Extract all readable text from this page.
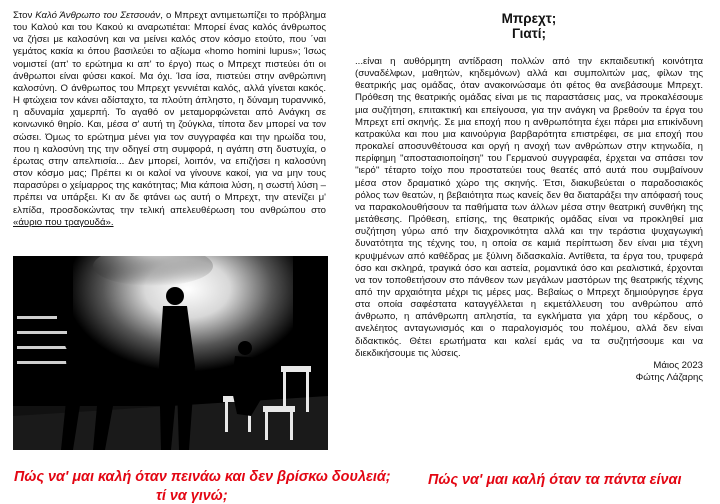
Στον Καλό Άνθρωπο του Σετσουάν, ο Μπρεχτ αντιμετωπίζει το πρόβλημα του Καλού και του Κακού κι αναρωτιέται: Μπορεί ένας καλός άνθρωπος να ζήσει με καλοσύνη και να μείνει καλός στον κόσμο ετούτο, που ΄ναι γεμάτος κακία κι όπου βασιλεύει το αξίωμα «homo homini lupus»; Ίσως νομιστεί (απ' το ερώτημα κι απ' το έργο) πως ο Μπρεχτ πιστεύει ότι οι άνθρωποι είναι φύσει κακοί. Μα όχι. Ίσα ίσα, πιστεύει στην ανθρώπινη καλοσύνη. Ο άνθρωπος του Μπρεχτ γεννιέται καλός, αλλά γίνεται κακός. Η φτώχεια τον κάνει αδίσταχτο, τα πλούτη άπληστο, η δύναμη τυραννικό, η αδυναμία χαμερπή. Το αγαθό ον μεταμορφώνεται από Ανάγκη σε κοινωνικό θηρίο. Και, μέσα σ' αυτή τη ζούγκλα, τίποτα δεν μπορεί να τον σώσει. Όμως το ερώτημα μένει για τον συγγραφέα και την ηρωίδα του, που η καλοσύνη της την οδηγεί στη συμφορά, η αγάπη στη δυστυχία, ο έρωτας στην απελπισία... Δεν μπορεί, λοιπόν, να επιζήσει η καλοσύνη στον κόσμο μας; Πρέπει κι οι καλοί να γίνουνε κακοί, για να μην τους παρασύρει ο χείμαρρος της κακότητας; Μια κάποια λύση, η σωστή λύση – πρέπει να υπάρξει. Κι αν δε φτάνει ως αυτή ο Μπρεχτ, την ατενίζει μ' ελπίδα, προσδοκώντας την τελική απελευθέρωση του ανθρώπου στο «άυριο που τραγουδά».

Μπρεχτ;
Γιατί;

...είναι η αυθόρμητη αντίδραση πολλών από την εκπαιδευτική κοινότητα (συναδέλφων, μαθητών, κηδεμόνων) αλλά και συμπολιτών μας, φίλων της θεατρικής μας ομάδας, όταν ανακοινώσαμε ότι φέτος θα ανεβάσουμε Μπρεχτ. Πρόθεση της θεατρικής ομάδας είναι με τις παραστάσεις μας, να προκαλέσουμε μια συζήτηση, επιτακτική και επείγουσα, για την ανάγκη να βρεθούν τα έργα του Μπρεχτ επί σκηνής. Σε μια εποχή που η ανθρωπότητα έχει πάρει μια επικίνδυνη κατρακύλα και που μια καινούργια βαρβαρότητα επιστρέφει, σε μια εποχή που προκαλεί αποσυνθέτουσα και οργή η ανοχή των ανθρώπων στην κτηνωδία, η περίφημη ''αποστασιοποίηση'' του Γερμανού συγγραφέα, έρχεται να σπάσει τον ''ιερό'' τέταρτο τοίχο που προστατεύει τους θεατές από αυτά που συμβαίνουν μέσα στον δραματικό χώρο της σκηνής. Έτσι, διακυβεύεται ο παραδοσιακός ρόλος των θεατών, η βεβαιότητα πως κανείς δεν θα διαταράξει την απόφασή τους να παρακολουθήσουν τα παθήματα των άλλων μέσα στην θεατρική συνθήκη της μετάθεσης. Πρόθεση, επίσης, της θεατρικής ομάδας είναι να προκληθεί μια συζήτηση γύρω από την διαχρονικότητα αλλά και την τεράστια ψυχαγωγική δυνατότητα της τέχνης του, η οποία σε καμιά περίπτωση δεν είναι μια τέχνη κρυψμένων από καθέδρας με ξύλινη διδασκαλία. Αντίθετα, τα έργα του, τρυφερά όσο και σκληρά, τραγικά όσο και αστεία, ρομαντικά όσο και ρεαλιστικά, έρχονται να τον τοποθετήσουν στο πάνθεον των μεγάλων μαστόρων της θεατρικής τέχνης από την αρχαιότητα μέχρι τις μέρες μας. Βεβαίως ο Μπρεχτ δημιούργησε έργα στα οποία σαφέστατα καταγγέλλεται η εκμετάλλευση του ανθρώπου από άνθρωπο, η απάνθρωπη απληστία, τα εγκλήματα για χάρη του κέρδους, ο ανελέητος ανταγωνισμός και ο παραλογισμός του πολέμου, αλλά δεν είναι διδακτικός. Θέτει ερωτήματα και καλεί εμάς να τα συζητήσουμε και να διεκδικήσουμε τις λύσεις.

Μάιος 2023
Φώτης Λάζαρης

Πώς να' μαι καλή όταν πεινάω και δεν βρίσκω δουλειά;
τί να γινώ;
Πώς να' μαι καλή όταν τα πάντα είναι
